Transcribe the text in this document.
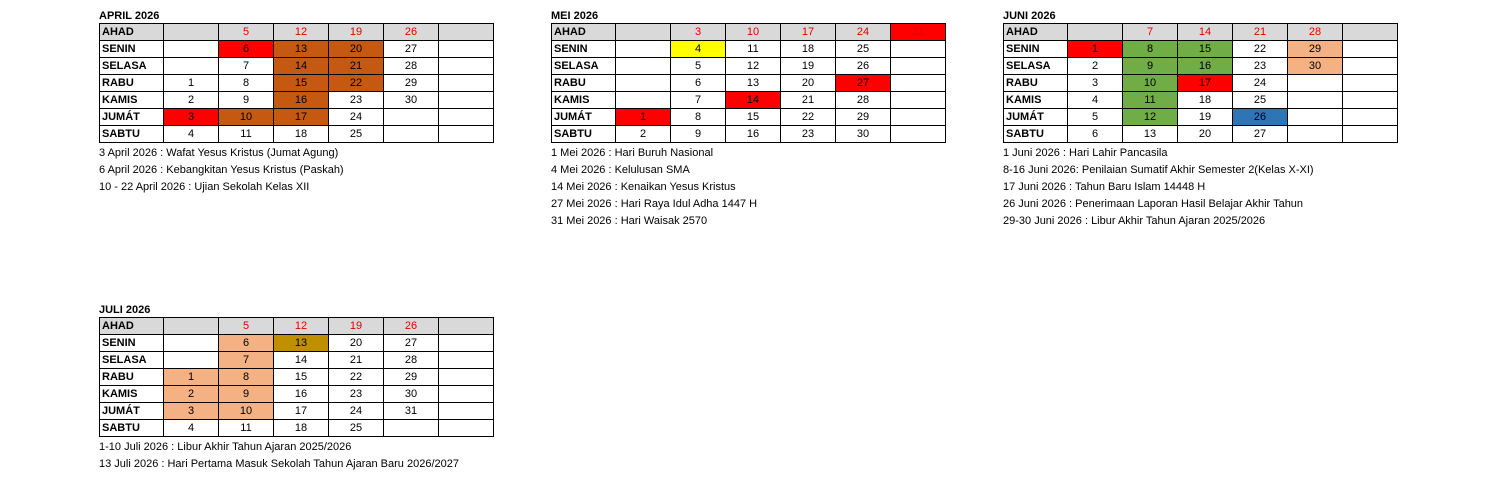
APRIL 2026
AHAD		5	12	19	26	
SENIN		6	13	20	27	
SELASA		7	14	21	28	
RABU	1	8	15	22	29	
KAMIS	2	9	16	23	30	
JUMÁT	3	10	17	24		
SABTU	4	11	18	25		
3 April 2026 : Wafat Yesus Kristus (Jumat Agung)
6 April 2026 : Kebangkitan Yesus Kristus (Paskah)
10 - 22 April 2026 : Ujian Sekolah Kelas XII
MEI 2026
AHAD		3	10	17	24	31
SENIN		4	11	18	25	
SELASA		5	12	19	26	
RABU		6	13	20	27	
KAMIS		7	14	21	28	
JUMÁT	1	8	15	22	29	
SABTU	2	9	16	23	30	
1 Mei 2026 : Hari Buruh Nasional
4 Mei 2026 : Kelulusan SMA
14 Mei 2026 : Kenaikan Yesus Kristus
27 Mei 2026 : Hari Raya Idul Adha 1447 H
31 Mei 2026 : Hari Waisak 2570
JUNI 2026
AHAD		7	14	21	28	
SENIN	1	8	15	22	29	
SELASA	2	9	16	23	30	
RABU	3	10	17	24		
KAMIS	4	11	18	25		
JUMÁT	5	12	19	26		
SABTU	6	13	20	27		
1 Juni 2026 : Hari Lahir Pancasila
8-16 Juni 2026: Penilaian Sumatif Akhir Semester 2(Kelas X-XI)
17 Juni 2026 : Tahun Baru Islam 14448 H
26 Juni 2026 : Penerimaan Laporan Hasil Belajar Akhir Tahun
29-30 Juni 2026 : Libur Akhir Tahun Ajaran 2025/2026
JULI 2026
AHAD		5	12	19	26	
SENIN		6	13	20	27	
SELASA		7	14	21	28	
RABU	1	8	15	22	29	
KAMIS	2	9	16	23	30	
JUMÁT	3	10	17	24	31	
SABTU	4	11	18	25		
1-10 Juli 2026 : Libur Akhir Tahun Ajaran 2025/2026
13 Juli 2026 : Hari Pertama Masuk Sekolah Tahun Ajaran Baru 2026/2027
